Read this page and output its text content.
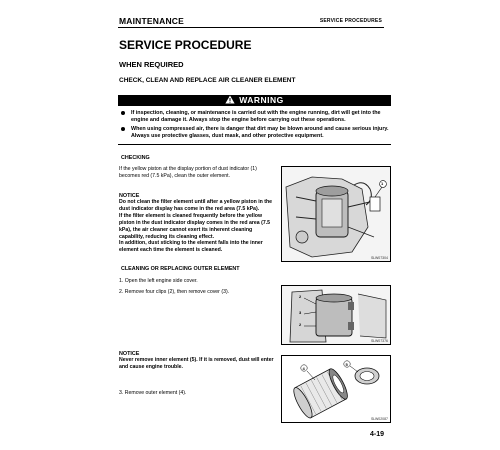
MAINTENANCE	SERVICE PROCEDURES
SERVICE PROCEDURE
WHEN REQUIRED
CHECK, CLEAN AND REPLACE AIR CLEANER ELEMENT
WARNING
If inspection, cleaning, or maintenance is carried out with the engine running, dirt will get into the engine and damage it. Always stop the engine before carrying out these operations.
When using compressed air, there is danger that dirt may be blown around and cause serious injury. Always use protective glasses, dust mask, and other protective equipment.
CHECKING
If the yellow piston at the display portion of dust indicator (1) becomes red (7.5 kPa), clean the outer element.
NOTICE
Do not clean the filter element until after a yellow piston in the dust indicator display has come in the red area (7.5 kPa).
If the filter element is cleaned frequently before the yellow piston in the dust indicator display comes in the red area (7.5 kPa), the air cleaner cannot exert its inherent cleaning capability, reducing its cleaning effect.
In addition, dust sticking to the element falls into the inner element each time the element is cleaned.
CLEANING OR REPLACING OUTER ELEMENT
1. Open the left engine side cover.
2. Remove four clips (2), then remove cover (3).
NOTICE
Never remove inner element (5). If it is removed, dust will enter and cause engine trouble.
3. Remove outer element (4).
1
SLW07304
2
3
2
SLW07376
4
5
SLW02087
4-19
